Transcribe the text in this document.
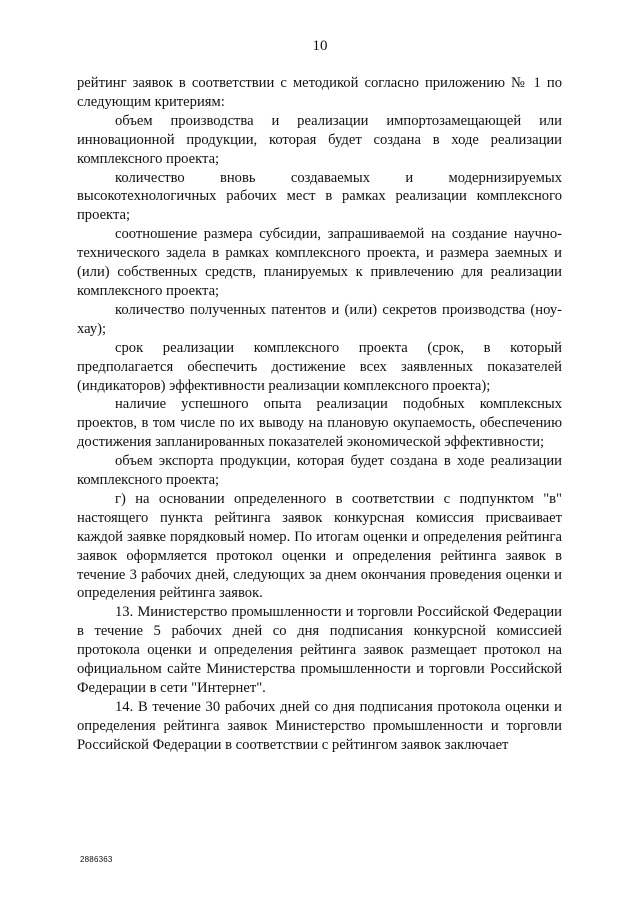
10

рейтинг заявок в соответствии с методикой согласно приложению № 1 по следующим критериям:

объем производства и реализации импортозамещающей или инновационной продукции, которая будет создана в ходе реализации комплексного проекта;

количество вновь создаваемых и модернизируемых высокотехнологичных рабочих мест в рамках реализации комплексного проекта;

соотношение размера субсидии, запрашиваемой на создание научно-технического задела в рамках комплексного проекта, и размера заемных и (или) собственных средств, планируемых к привлечению для реализации комплексного проекта;

количество полученных патентов и (или) секретов производства (ноу-хау);

срок реализации комплексного проекта (срок, в который предполагается обеспечить достижение всех заявленных показателей (индикаторов) эффективности реализации комплексного проекта);

наличие успешного опыта реализации подобных комплексных проектов, в том числе по их выводу на плановую окупаемость, обеспечению достижения запланированных показателей экономической эффективности;

объем экспорта продукции, которая будет создана в ходе реализации комплексного проекта;

г) на основании определенного в соответствии с подпунктом "в" настоящего пункта рейтинга заявок конкурсная комиссия присваивает каждой заявке порядковый номер. По итогам оценки и определения рейтинга заявок оформляется протокол оценки и определения рейтинга заявок в течение 3 рабочих дней, следующих за днем окончания проведения оценки и определения рейтинга заявок.

13. Министерство промышленности и торговли Российской Федерации в течение 5 рабочих дней со дня подписания конкурсной комиссией протокола оценки и определения рейтинга заявок размещает протокол на официальном сайте Министерства промышленности и торговли Российской Федерации в сети "Интернет".

14. В течение 30 рабочих дней со дня подписания протокола оценки и определения рейтинга заявок Министерство промышленности и торговли Российской Федерации в соответствии с рейтингом заявок заключает

2886363
